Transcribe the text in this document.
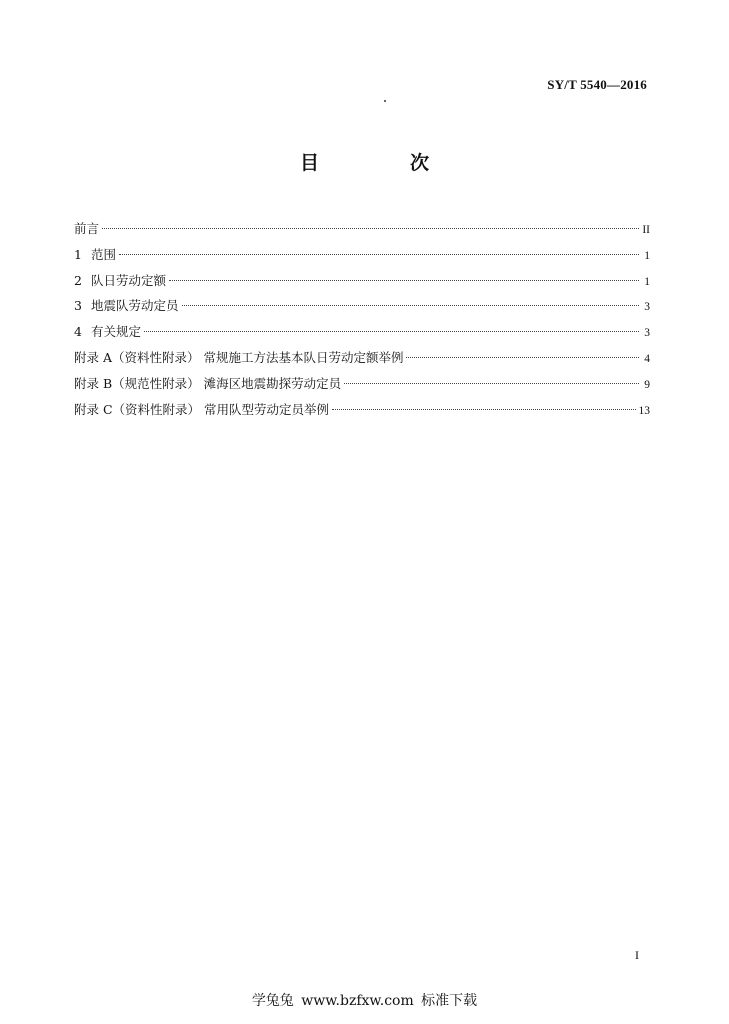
SY/T 5540—2016
目　次
前言	II
1 范围	1
2 队日劳动定额	1
3 地震队劳动定员	3
4 有关规定	3
附录 A（资料性附录） 常规施工方法基本队日劳动定额举例	4
附录 B（规范性附录） 滩海区地震勘探劳动定员	9
附录 C（资料性附录） 常用队型劳动定员举例	13
I
学兔兔 www.bzfxw.com 标准下载
